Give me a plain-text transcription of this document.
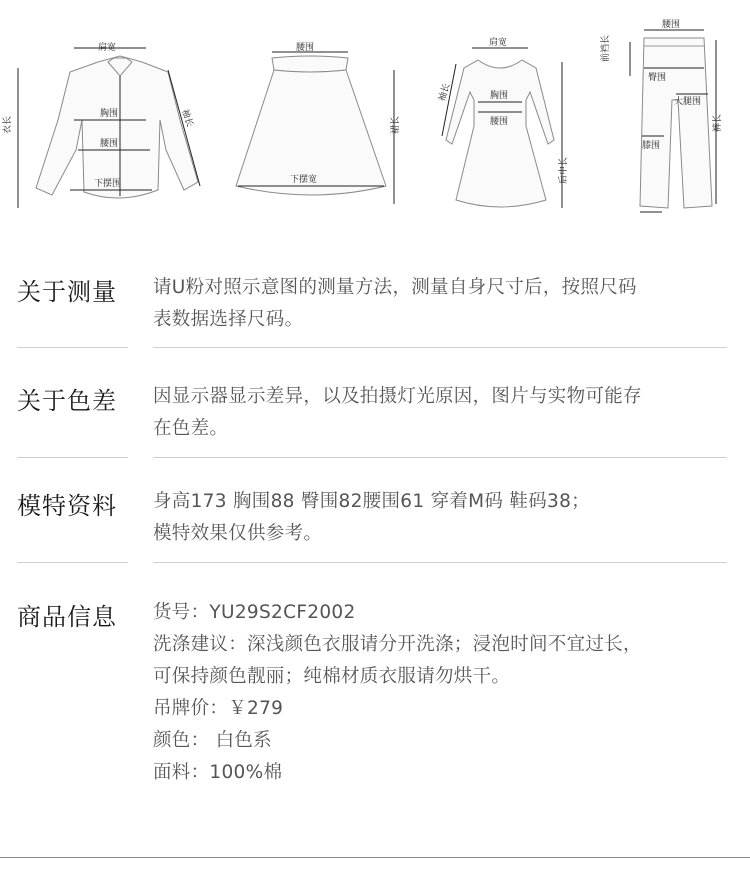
肩宽
胸围
腰围
下摆围
衣长	袖长
腰围
下摆宽
裙长
肩宽
袖长	胸围
腰围
后中长
腰围
前裆长
臀围
大腿围
膝围
裤长
关于测量 请U粉对照示意图的测量方法，测量自身尺寸后，按照尺码
表数据选择尺码。
关于色差 因显示器显示差异，以及拍摄灯光原因，图片与实物可能存
在色差。
模特资料 身高173 胸围88 臀围82腰围61 穿着M码 鞋码38；
模特效果仅供参考。
商品信息 货号：YU29S2CF2002
洗涤建议：深浅颜色衣服请分开洗涤；浸泡时间不宜过长，
可保持颜色靓丽；纯棉材质衣服请勿烘干。
吊牌价：￥279
颜色： 白色系
面料：100%棉
